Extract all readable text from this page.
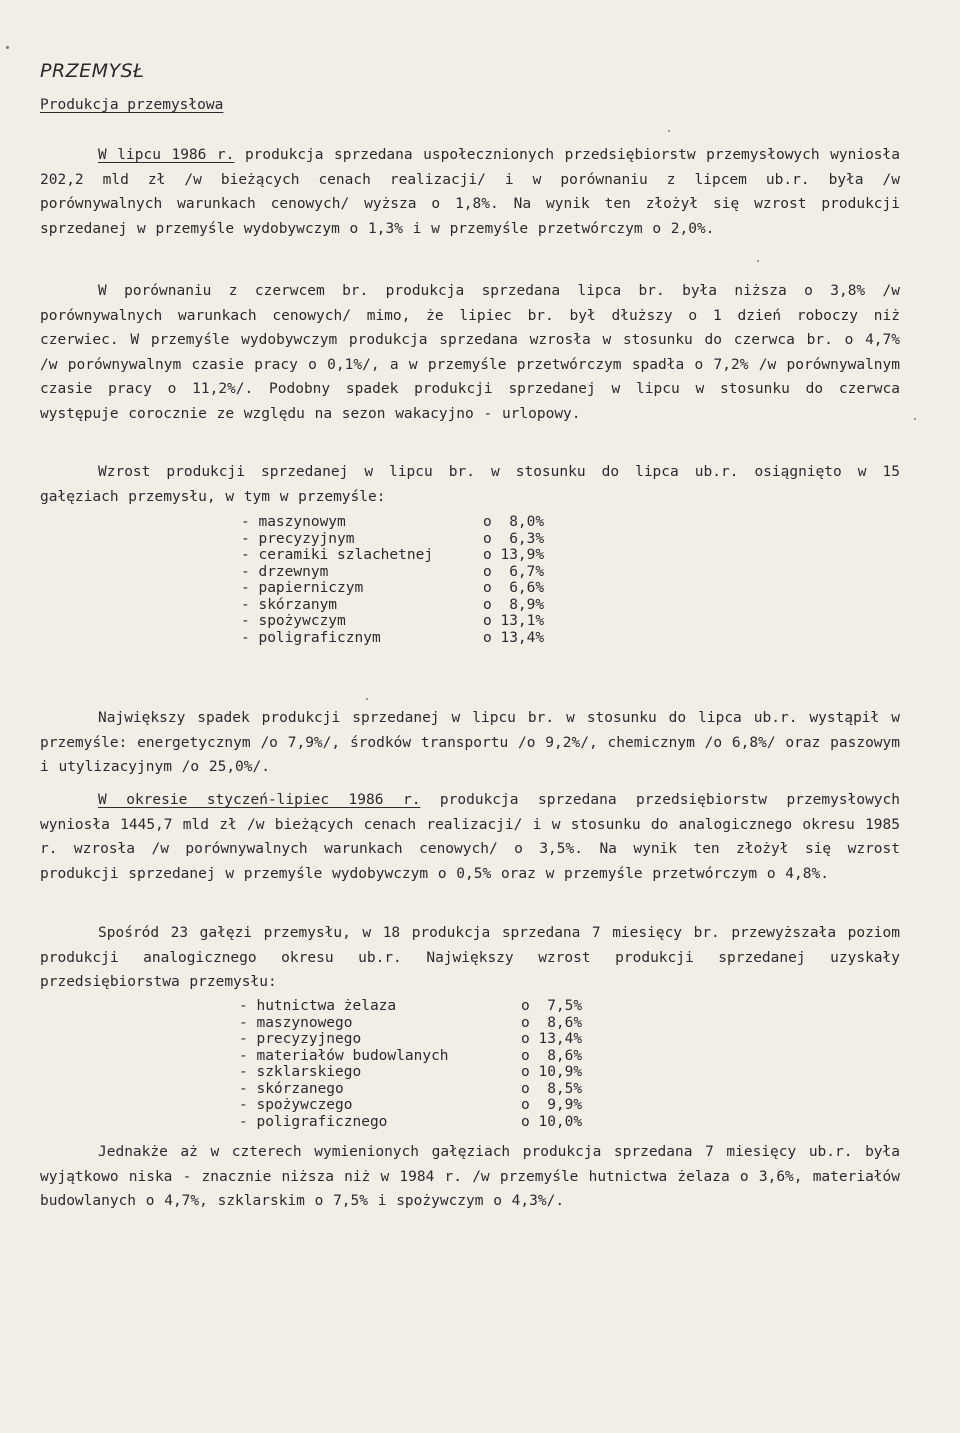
PRZEMYSŁ
Produkcja przemysłowa

W lipcu 1986 r. produkcja sprzedana uspołecznionych przedsiębiorstw przemysłowych wyniosła 202,2 mld zł /w bieżących cenach realizacji/ i w porównaniu z lipcem ub.r. była /w porównywalnych warunkach cenowych/ wyższa o 1,8%. Na wynik ten złożył się wzrost produkcji sprzedanej w przemyśle wydobywczym o 1,3% i w przemyśle przetwórczym o 2,0%.

W porównaniu z czerwcem br. produkcja sprzedana lipca br. była niższa o 3,8% /w porównywalnych warunkach cenowych/ mimo, że lipiec br. był dłuższy o 1 dzień roboczy niż czerwiec. W przemyśle wydobywczym produkcja sprzedana wzrosła w stosunku do czerwca br. o 4,7% /w porównywalnym czasie pracy o 0,1%/, a w przemyśle przetwórczym spadła o 7,2% /w porównywalnym czasie pracy o 11,2%/. Podobny spadek produkcji sprzedanej w lipcu w stosunku do czerwca występuje corocznie ze względu na sezon wakacyjno - urlopowy.

Wzrost produkcji sprzedanej w lipcu br. w stosunku do lipca ub.r. osiągnięto w 15 gałęziach przemysłu, w tym w przemyśle:

- maszynowym	o  8,0%
- precyzyjnym	o  6,3%
- ceramiki szlachetnej	o 13,9%
- drzewnym	o  6,7%
- papierniczym	o  6,6%
- skórzanym	o  8,9%
- spożywczym	o 13,1%
- poligraficznym	o 13,4%

Największy spadek produkcji sprzedanej w lipcu br. w stosunku do lipca ub.r. wystąpił w przemyśle: energetycznym /o 7,9%/, środków transportu /o 9,2%/, chemicznym /o 6,8%/ oraz paszowym i utylizacyjnym /o 25,0%/.

W okresie styczeń-lipiec 1986 r. produkcja sprzedana przedsiębiorstw przemysłowych wyniosła 1445,7 mld zł /w bieżących cenach realizacji/ i w stosunku do analogicznego okresu 1985 r. wzrosła /w porównywalnych warunkach cenowych/ o 3,5%. Na wynik ten złożył się wzrost produkcji sprzedanej w przemyśle wydobywczym o 0,5% oraz w przemyśle przetwórczym o 4,8%.

Spośród 23 gałęzi przemysłu, w 18 produkcja sprzedana 7 miesięcy br. przewyższała poziom produkcji analogicznego okresu ub.r. Największy wzrost produkcji sprzedanej uzyskały przedsiębiorstwa przemysłu:

- hutnictwa żelaza	o  7,5%
- maszynowego	o  8,6%
- precyzyjnego	o 13,4%
- materiałów budowlanych	o  8,6%
- szklarskiego	o 10,9%
- skórzanego	o  8,5%
- spożywczego	o  9,9%
- poligraficznego	o 10,0%

Jednakże aż w czterech wymienionych gałęziach produkcja sprzedana 7 miesięcy ub.r. była wyjątkowo niska - znacznie niższa niż w 1984 r. /w przemyśle hutnictwa żelaza o 3,6%, materiałów budowlanych o 4,7%, szklarskim o 7,5% i spożywczym o 4,3%/.
